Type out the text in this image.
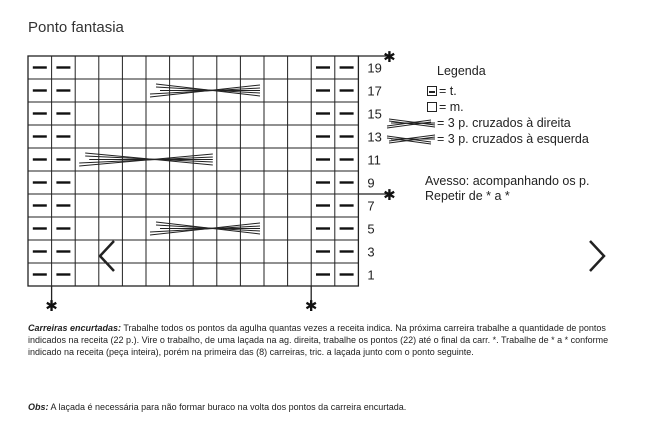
Ponto fantasia
✱
✱
✱	✱
19
17
15
13
11
9
7
5
3
1
Legenda
= t.
= m.
= 3 p. cruzados à direita
= 3 p. cruzados à esquerda
Avesso: acompanhando os p.
Repetir de * a *
Carreiras encurtadas: Trabalhe todos os pontos da agulha quantas vezes a receita indica. Na próxima carreira trabalhe a quantidade de pontos indicados na receita (22 p.). Vire o trabalho, de uma laçada na ag. direita, trabalhe os pontos (22) até o final da carr. *. Trabalhe de * a * conforme indicado na receita (peça inteira), porém na primeira das (8) carreiras, tric. a laçada junto com o ponto seguinte.
Obs: A laçada é necessária para não formar buraco na volta dos pontos da carreira encurtada.
